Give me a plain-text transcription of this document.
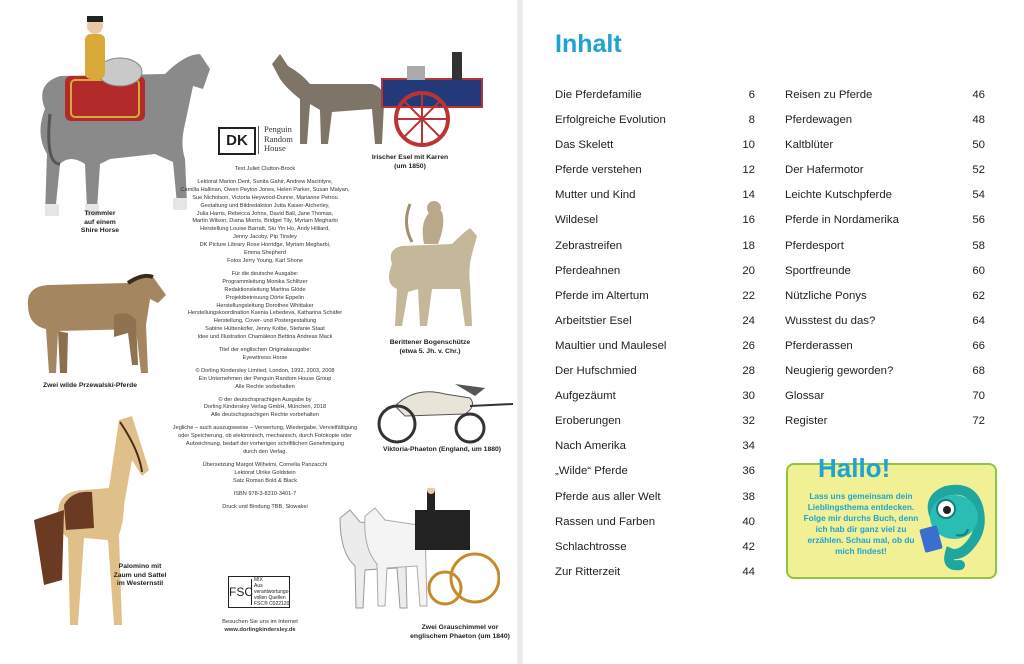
Trommler
auf einem
Shire Horse
Irischer Esel mit Karren
(um 1850)
DK
Penguin
Random
House
Text Juliet Clutton-Brock
Lektorat Marion Dent, Sunita Gahir, Andrew Macintyre,
Camilla Hallinan, Owen Peyton Jones, Helen Parker, Susan Malyan,
Sue Nicholson, Victoria Heywood-Dunne, Marianne Petrou
Gestaltung und Bildredaktion Jutta Kaiser-Atcherley,
Julia Harris, Rebecca Johns, David Ball, Jane Thomas,
Martin Wilson, Diana Morris, Bridget Tily, Myriam Megharbi
Herstellung Louise Barratt, Siu Yin Ho, Andy Hilliard,
Jenny Jacoby, Pip Tinsley
DK Picture Library Rose Horridge, Myriam Megharbi,
Emma Shepherd
Fotos Jerry Young, Karl Shone
Für die deutsche Ausgabe:
Programmleitung Monika Schlitzer
Redaktionsleitung Martina Glöde
Projektbetreuung Dörte Eppelin
Herstellungsleitung Dorothee Whittaker
Herstellungskoordination Ksenia Lebedeva, Katharina Schäfer
Herstellung, Cover- und Postergestaltung
Sabine Hüttenkofer, Jenny Kolbe, Stefanie Staat
Idee und Illustration Chamäleon Bettina Andreas Mack
Titel der englischen Originalausgabe:
Eyewitness Horse
© Dorling Kindersley Limited, London, 1992, 2003, 2008
Ein Unternehmen der Penguin Random House Group
Alle Rechte vorbehalten
© der deutschsprachigen Ausgabe by
Dorling Kindersley Verlag GmbH, München, 2018
Alle deutschsprachigen Rechte vorbehalten
Jegliche – auch auszugsweise – Verwertung, Wiedergabe, Vervielfältigung
oder Speicherung, ob elektronisch, mechanisch, durch Fotokopie oder
Aufzeichnung, bedarf der vorherigen schriftlichen Genehmigung
durch den Verlag.
Übersetzung Margot Wilhelmi, Cornelia Panzacchi
Lektorat Ulrike Goldstein
Satz Roman Bold & Black
ISBN 978-3-8310-3401-7
Druck und Bindung TBB, Slowakei
Berittener Bogenschütze
(etwa 5. Jh. v. Chr.)
Zwei wilde Przewalski-Pferde
Viktoria-Phaeton (England, um 1880)
Palomino mit
Zaum und Sattel
im Westernstil
Zwei Grauschimmel vor
englischem Phaeton (um 1840)
FSC
MIX
Aus verantwortungs-
vollen Quellen
FSC® C022120
Besuchen Sie uns im Internet
www.dorlingkindersley.de
Inhalt
Die Pferdefamilie	6
Erfolgreiche Evolution	8
Das Skelett	10
Pferde verstehen	12
Mutter und Kind	14
Wildesel	16
Zebrastreifen	18
Pferdeahnen	20
Pferde im Altertum	22
Arbeitstier Esel	24
Maultier und Maulesel	26
Der Hufschmied	28
Aufgezäumt	30
Eroberungen	32
Nach Amerika	34
„Wilde“ Pferde	36
Pferde aus aller Welt	38
Rassen und Farben	40
Schlachtrosse	42
Zur Ritterzeit	44
Reisen zu Pferde	46
Pferdewagen	48
Kaltblüter	50
Der Hafermotor	52
Leichte Kutschpferde	54
Pferde in Nordamerika	56
Pferdesport	58
Sportfreunde	60
Nützliche Ponys	62
Wusstest du das?	64
Pferderassen	66
Neugierig geworden?	68
Glossar	70
Register	72
Hallo!
Lass uns gemeinsam dein Lieblingsthema entdecken. Folge mir durchs Buch, denn ich hab dir ganz viel zu erzählen. Schau mal, ob du mich findest!
